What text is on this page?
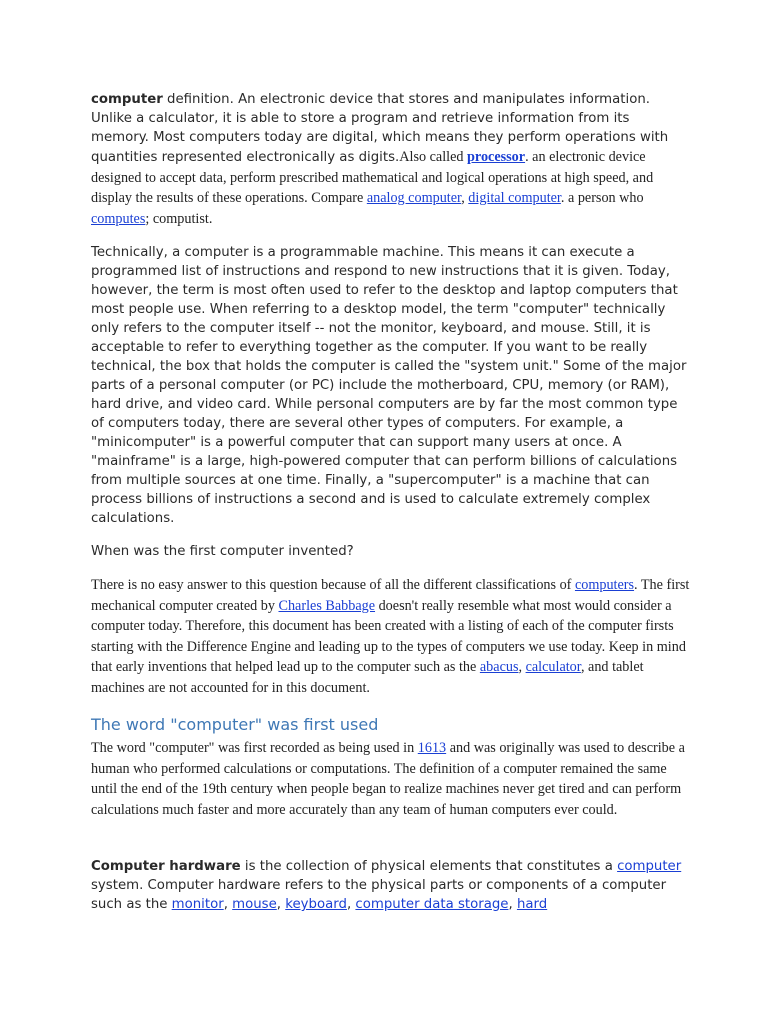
computer definition. An electronic device that stores and manipulates information. Unlike a calculator, it is able to store a program and retrieve information from its memory. Most computers today are digital, which means they perform operations with quantities represented electronically as digits.Also called processor. an electronic device designed to accept data, perform prescribed mathematical and logical operations at high speed, and display the results of these operations. Compare analog computer, digital computer. a person who computes; computist.

Technically, a computer is a programmable machine. This means it can execute a programmed list of instructions and respond to new instructions that it is given. Today, however, the term is most often used to refer to the desktop and laptop computers that most people use. When referring to a desktop model, the term "computer" technically only refers to the computer itself -- not the monitor, keyboard, and mouse. Still, it is acceptable to refer to everything together as the computer. If you want to be really technical, the box that holds the computer is called the "system unit." Some of the major parts of a personal computer (or PC) include the motherboard, CPU, memory (or RAM), hard drive, and video card. While personal computers are by far the most common type of computers today, there are several other types of computers. For example, a "minicomputer" is a powerful computer that can support many users at once. A "mainframe" is a large, high-powered computer that can perform billions of calculations from multiple sources at one time. Finally, a "supercomputer" is a machine that can process billions of instructions a second and is used to calculate extremely complex calculations.

When was the first computer invented?

There is no easy answer to this question because of all the different classifications of computers. The first mechanical computer created by Charles Babbage doesn't really resemble what most would consider a computer today. Therefore, this document has been created with a listing of each of the computer firsts starting with the Difference Engine and leading up to the types of computers we use today. Keep in mind that early inventions that helped lead up to the computer such as the abacus, calculator, and tablet machines are not accounted for in this document.

The word "computer" was first used

The word "computer" was first recorded as being used in 1613 and was originally was used to describe a human who performed calculations or computations. The definition of a computer remained the same until the end of the 19th century when people began to realize machines never get tired and can perform calculations much faster and more accurately than any team of human computers ever could.

Computer hardware is the collection of physical elements that constitutes a computer system. Computer hardware refers to the physical parts or components of a computer such as the monitor, mouse, keyboard, computer data storage, hard
